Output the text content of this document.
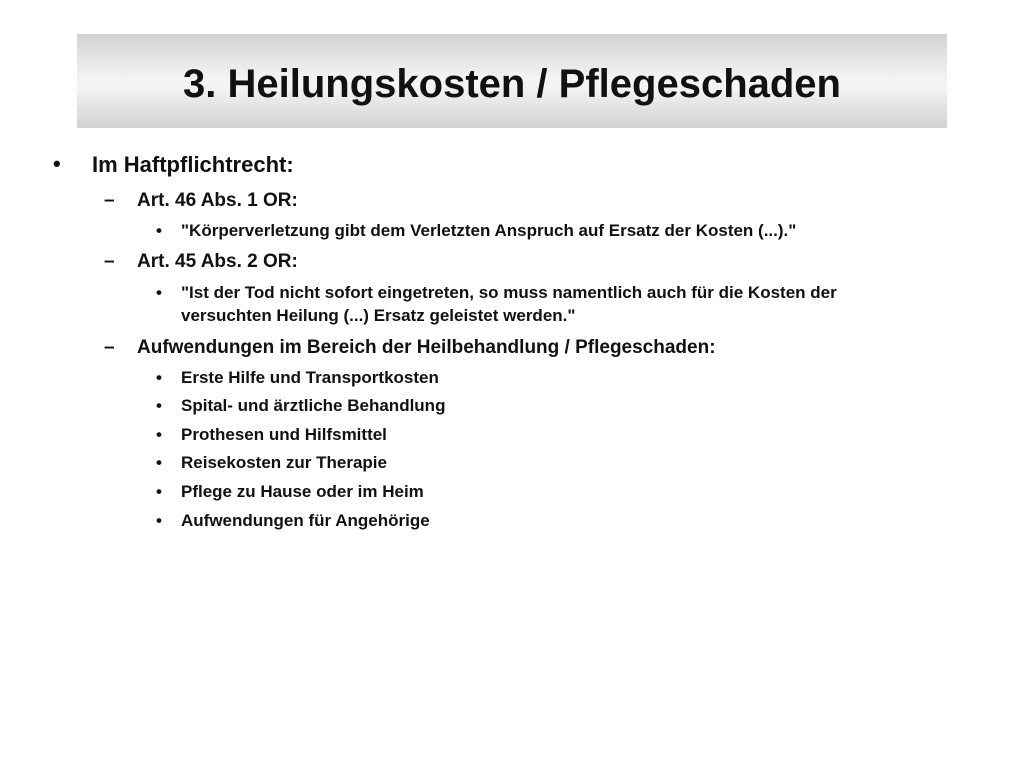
3. Heilungskosten / Pflegeschaden
• Im Haftpflichtrecht:
– Art. 46 Abs. 1 OR:
• "Körperverletzung gibt dem Verletzten Anspruch auf Ersatz der Kosten (...)."
– Art. 45 Abs. 2 OR:
• "Ist der Tod nicht sofort eingetreten, so muss namentlich auch für die Kosten der
versuchten Heilung (...) Ersatz geleistet werden."
– Aufwendungen im Bereich der Heilbehandlung / Pflegeschaden:
• Erste Hilfe und Transportkosten
• Spital- und ärztliche Behandlung
• Prothesen und Hilfsmittel
• Reisekosten zur Therapie
• Pflege zu Hause oder im Heim
• Aufwendungen für Angehörige
